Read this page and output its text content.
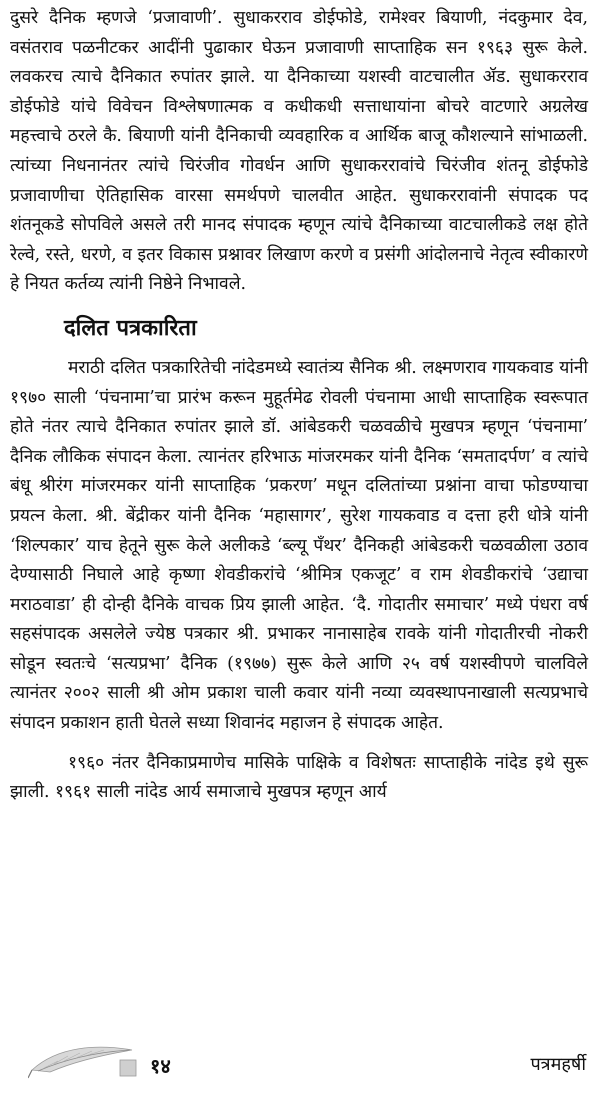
दुसरे दैनिक म्हणजे ‘प्रजावाणी’. सुधाकरराव डोईफोडे, रामेश्वर बियाणी, नंदकुमार देव, वसंतराव पळनीटकर आदींनी पुढाकार घेऊन प्रजावाणी साप्ताहिक सन १९६३ सुरू केले. लवकरच त्याचे दैनिकात रुपांतर झाले. या दैनिकाच्या यशस्वी वाटचालीत ॲड. सुधाकरराव डोईफोडे यांचे विवेचन विश्लेषणात्मक व कधीकधी सत्ताधायांना बोचरे वाटणारे अग्रलेख महत्त्वाचे ठरले कै. बियाणी यांनी दैनिकाची व्यवहारिक व आर्थिक बाजू कौशल्याने सांभाळली. त्यांच्या निधनानंतर त्यांचे चिरंजीव गोवर्धन आणि सुधाकररावांचे चिरंजीव शंतनू डोईफोडे प्रजावाणीचा ऐतिहासिक वारसा समर्थपणे चालवीत आहेत. सुधाकररावांनी संपादक पद शंतनूकडे सोपविले असले तरी मानद संपादक म्हणून त्यांचे दैनिकाच्या वाटचालीकडे लक्ष होते रेल्वे, रस्ते, धरणे, व इतर विकास प्रश्नावर लिखाण करणे व प्रसंगी आंदोलनाचे नेतृत्व स्वीकारणे हे नियत कर्तव्य त्यांनी निष्ठेने निभावले.

दलित पत्रकारिता

मराठी दलित पत्रकारितेची नांदेडमध्ये स्वातंत्र्य सैनिक श्री. लक्ष्मणराव गायकवाड यांनी १९७० साली ‘पंचनामा’चा प्रारंभ करून मुहूर्तमेढ रोवली पंचनामा आधी साप्ताहिक स्वरूपात होते नंतर त्याचे दैनिकात रुपांतर झाले डॉ. आंबेडकरी चळवळीचे मुखपत्र म्हणून ‘पंचनामा’ दैनिक लौकिक संपादन केला. त्यानंतर हरिभाऊ मांजरमकर यांनी दैनिक ‘समतादर्पण’ व त्यांचे बंधू श्रीरंग मांजरमकर यांनी साप्ताहिक ‘प्रकरण’ मधून दलितांच्या प्रश्नांना वाचा फोडण्याचा प्रयत्न केला. श्री. बेंद्रीकर यांनी दैनिक ‘महासागर’, सुरेश गायकवाड व दत्ता हरी धोत्रे यांनी ‘शिल्पकार’ याच हेतूने सुरू केले अलीकडे ‘ब्ल्यू पँथर’ दैनिकही आंबेडकरी चळवळीला उठाव देण्यासाठी निघाले आहे कृष्णा शेवडीकरांचे ‘श्रीमित्र एकजूट’ व राम शेवडीकरांचे ‘उद्याचा मराठवाडा’ ही दोन्ही दैनिके वाचक प्रिय झाली आहेत. ‘दै. गोदातीर समाचार’ मध्ये पंधरा वर्ष सहसंपादक असलेले ज्येष्ठ पत्रकार श्री. प्रभाकर नानासाहेब रावके यांनी गोदातीरची नोकरी सोडून स्वतःचे ‘सत्यप्रभा’ दैनिक (१९७७) सुरू केले आणि २५ वर्ष यशस्वीपणे चालविले त्यानंतर २००२ साली श्री ओम प्रकाश चाली कवार यांनी नव्या व्यवस्थापनाखाली सत्यप्रभाचे संपादन प्रकाशन हाती घेतले सध्या शिवानंद महाजन हे संपादक आहेत.

१९६० नंतर दैनिकाप्रमाणेच मासिके पाक्षिके व विशेषतः साप्ताहीके नांदेड इथे सुरू झाली. १९६१ साली नांदेड आर्य समाजाचे मुखपत्र म्हणून आर्य

१४	पत्रमहर्षी
